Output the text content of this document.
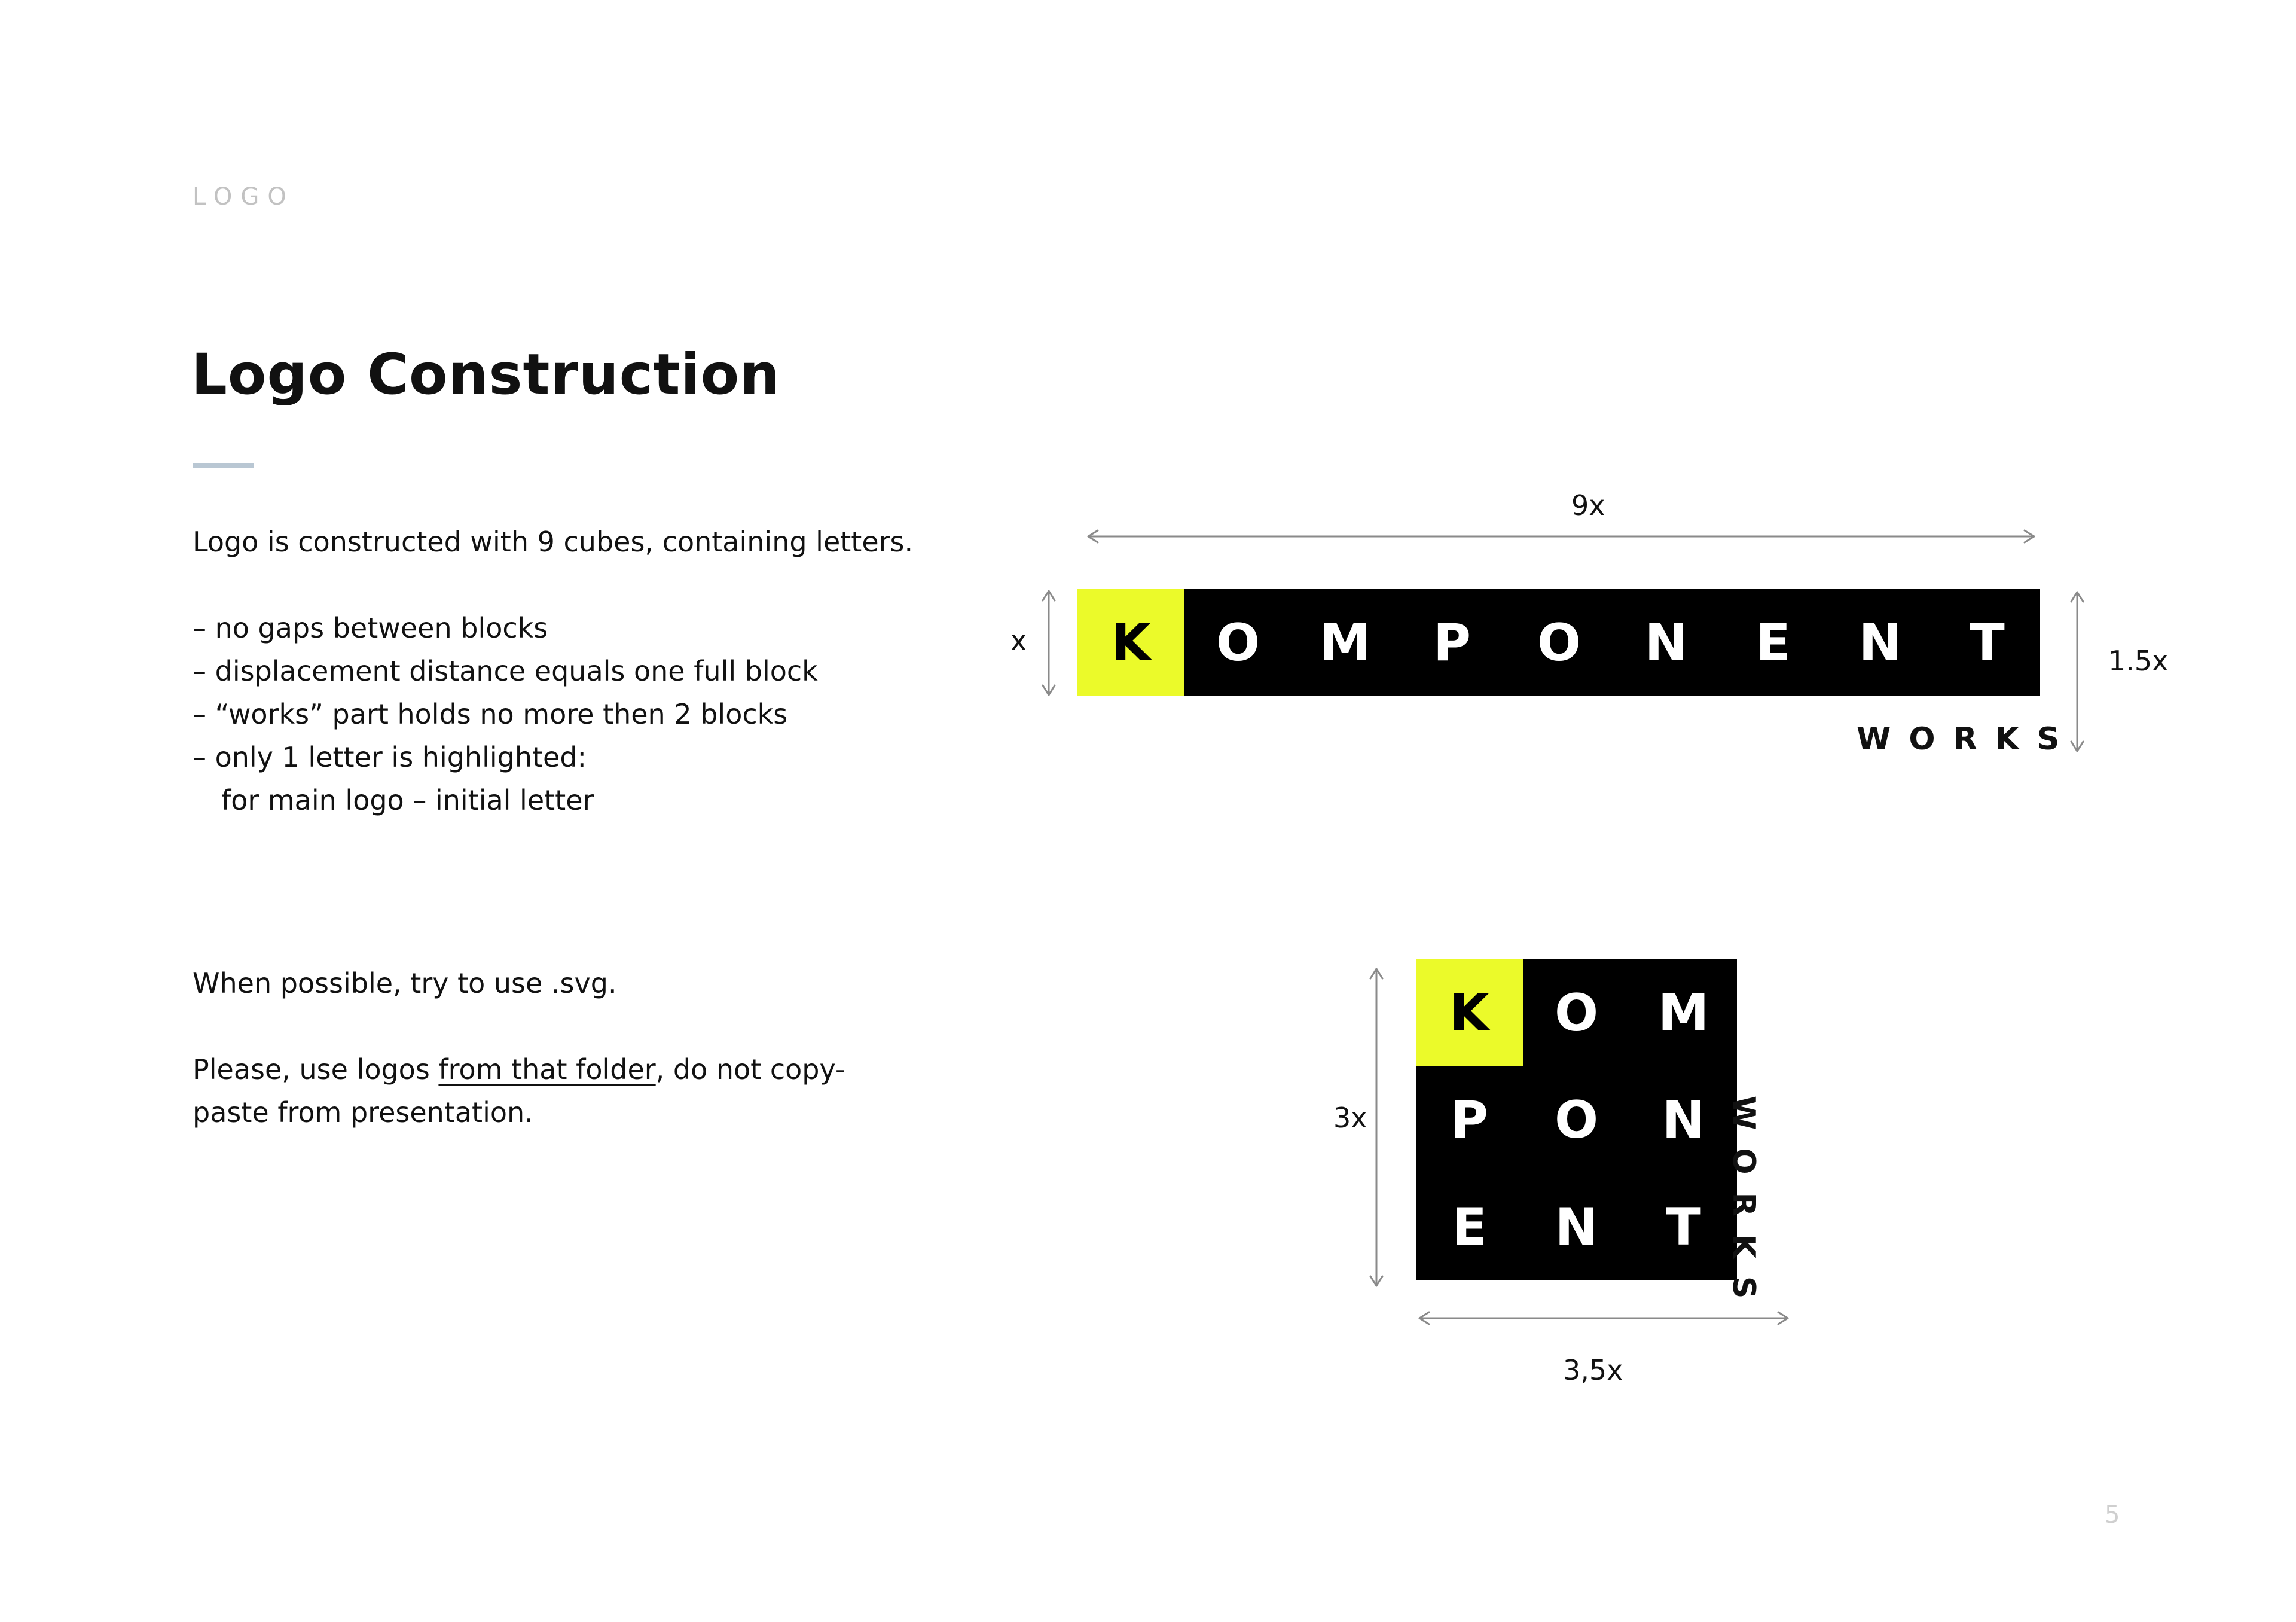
LOGO
Logo Construction
Logo is constructed with 9 cubes, containing letters.
– no gaps between blocks
– displacement distance equals one full block
– “works” part holds no more then 2 blocks
– only 1 letter is highlighted:
for main logo – initial letter
When possible, try to use .svg.
Please, use logos from that folder, do not copy-
paste from presentation.
K	O	M	P	O	N	E	N	T
WORKS
9x
x
1.5x
K	O	M
P	O	N
E	N	T WORKS
3x
3,5x
5
